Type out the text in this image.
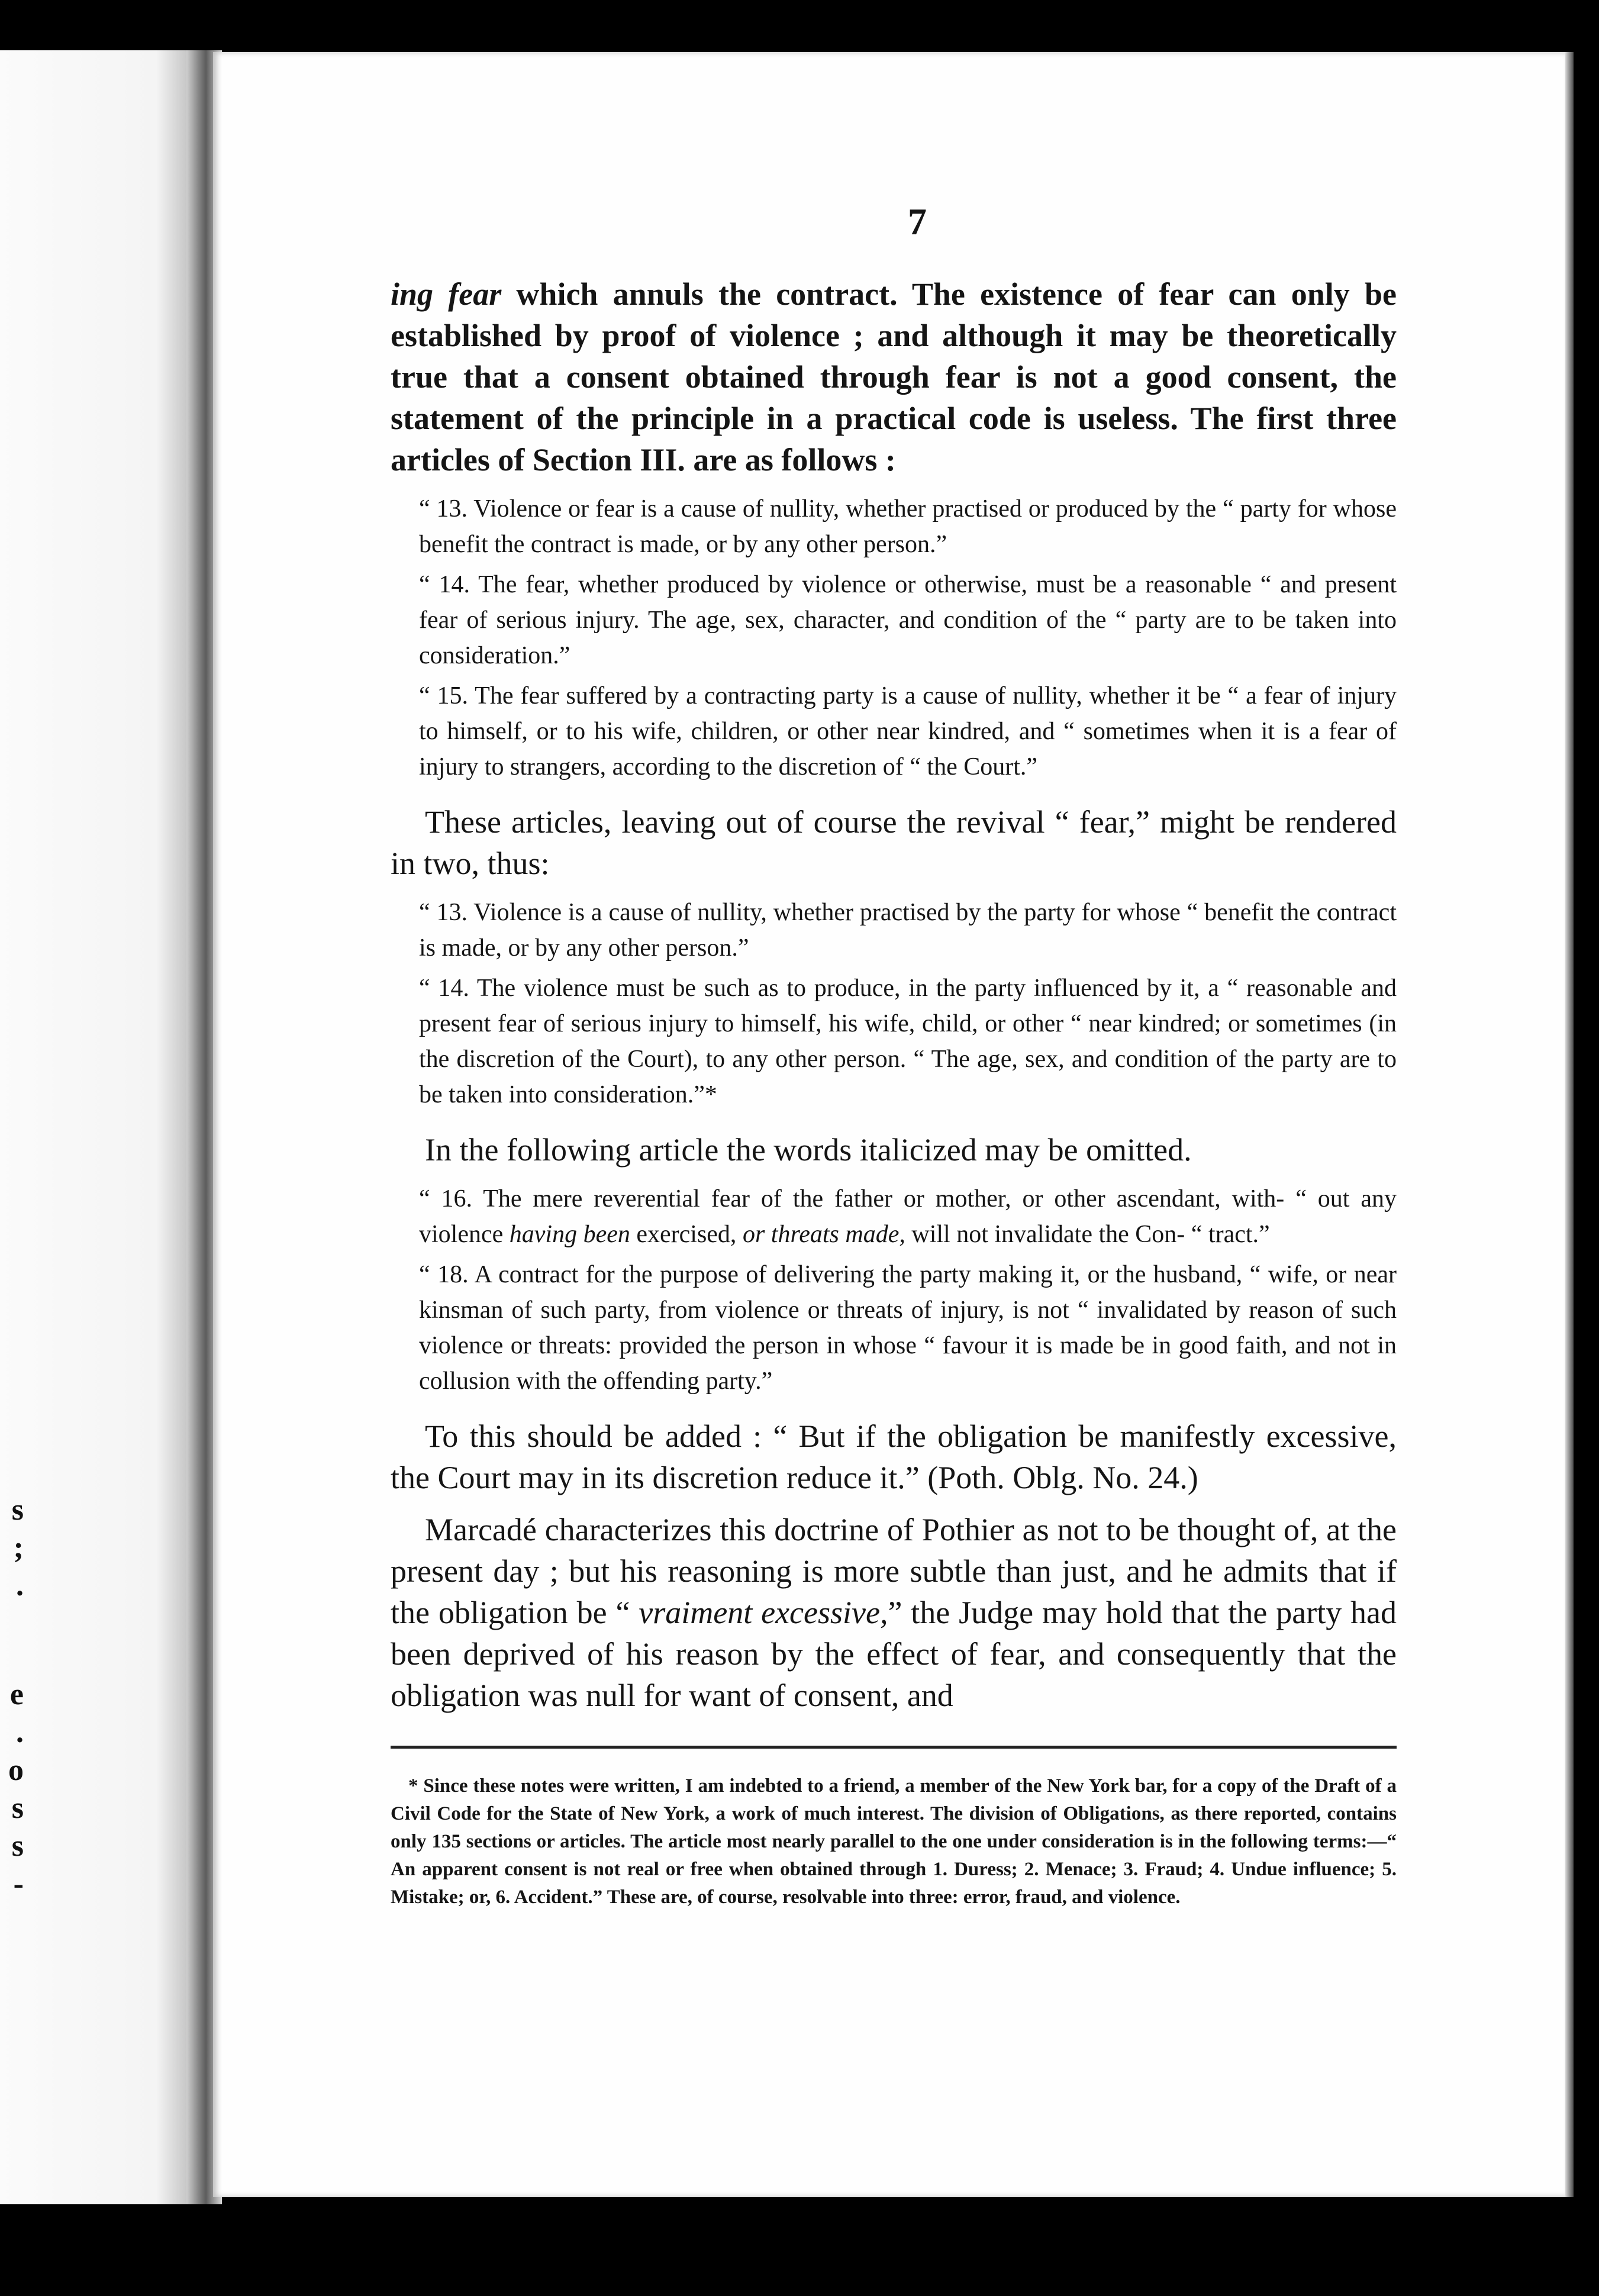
s
;
.
e
.
o
s
s
-
7

ing fear which annuls the contract. The existence of fear can only be established by proof of violence ; and although it may be theoretically true that a consent obtained through fear is not a good consent, the statement of the principle in a practical code is useless. The first three articles of Section III. are as follows :

“ 13. Violence or fear is a cause of nullity, whether practised or produced by the “ party for whose benefit the contract is made, or by any other person.”

“ 14. The fear, whether produced by violence or otherwise, must be a reasonable “ and present fear of serious injury. The age, sex, character, and condition of the “ party are to be taken into consideration.”

“ 15. The fear suffered by a contracting party is a cause of nullity, whether it be “ a fear of injury to himself, or to his wife, children, or other near kindred, and “ sometimes when it is a fear of injury to strangers, according to the discretion of “ the Court.”

These articles, leaving out of course the revival “ fear,” might be rendered in two, thus:

“ 13. Violence is a cause of nullity, whether practised by the party for whose “ benefit the contract is made, or by any other person.”

“ 14. The violence must be such as to produce, in the party influenced by it, a “ reasonable and present fear of serious injury to himself, his wife, child, or other “ near kindred; or sometimes (in the discretion of the Court), to any other person. “ The age, sex, and condition of the party are to be taken into consideration.”*

In the following article the words italicized may be omitted.

“ 16. The mere reverential fear of the father or mother, or other ascendant, with- “ out any violence having been exercised, or threats made, will not invalidate the Con- “ tract.”

“ 18. A contract for the purpose of delivering the party making it, or the husband, “ wife, or near kinsman of such party, from violence or threats of injury, is not “ invalidated by reason of such violence or threats: provided the person in whose “ favour it is made be in good faith, and not in collusion with the offending party.”

To this should be added : “ But if the obligation be manifestly excessive, the Court may in its discretion reduce it.” (Poth. Oblg. No. 24.)

Marcadé characterizes this doctrine of Pothier as not to be thought of, at the present day ; but his reasoning is more subtle than just, and he admits that if the obligation be “ vraiment excessive,” the Judge may hold that the party had been deprived of his reason by the effect of fear, and consequently that the obligation was null for want of consent, and

* Since these notes were written, I am indebted to a friend, a member of the New York bar, for a copy of the Draft of a Civil Code for the State of New York, a work of much interest. The division of Obligations, as there reported, contains only 135 sections or articles. The article most nearly parallel to the one under consideration is in the following terms:—“ An apparent consent is not real or free when obtained through 1. Duress; 2. Menace; 3. Fraud; 4. Undue influence; 5. Mistake; or, 6. Accident.” These are, of course, resolvable into three: error, fraud, and violence.
